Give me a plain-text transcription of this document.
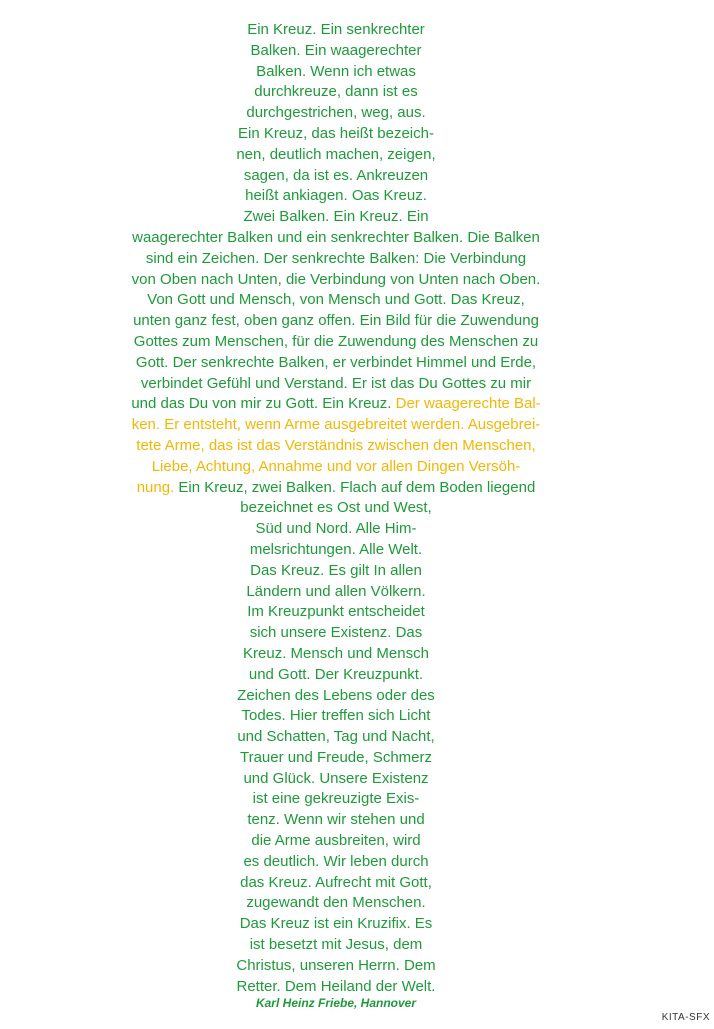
Ein Kreuz. Ein senkrechter
Balken. Ein waagerechter
Balken. Wenn ich etwas
durchkreuze, dann ist es
durchgestrichen, weg, aus.
Ein Kreuz, das heißt bezeich-
nen, deutlich machen, zeigen,
sagen, da ist es. Ankreuzen
heißt ankiagen. Oas Kreuz.
Zwei Balken. Ein Kreuz. Ein
waagerechter Balken und ein senkrechter Balken. Die Balken
sind ein Zeichen. Der senkrechte Balken: Die Verbindung
von Oben nach Unten, die Verbindung von Unten nach Oben.
Von Gott und Mensch, von Mensch und Gott. Das Kreuz,
unten ganz fest, oben ganz offen. Ein Bild für die Zuwendung
Gottes zum Menschen, für die Zuwendung des Menschen zu
Gott. Der senkrechte Balken, er verbindet Himmel und Erde,
verbindet Gefühl und Verstand. Er ist das Du Gottes zu mir
und das Du von mir zu Gott. Ein Kreuz. Der waagerechte Bal-
ken. Er entsteht, wenn Arme ausgebreitet werden. Ausgebrei-
tete Arme, das ist das Verständnis zwischen den Menschen,
Liebe, Achtung, Annahme und vor allen Dingen Versöh-
nung. Ein Kreuz, zwei Balken. Flach auf dem Boden liegend
bezeichnet es Ost und West,
Süd und Nord. Alle Him-
melsrichtungen. Alle Welt.
Das Kreuz. Es gilt In allen
Ländern und allen Völkern.
Im Kreuzpunkt entscheidet
sich unsere Existenz. Das
Kreuz. Mensch und Mensch
und Gott. Der Kreuzpunkt.
Zeichen des Lebens oder des
Todes. Hier treffen sich Licht
und Schatten, Tag und Nacht,
Trauer und Freude, Schmerz
und Glück. Unsere Existenz
ist eine gekreuzigte Exis-
tenz. Wenn wir stehen und
die Arme ausbreiten, wird
es deutlich. Wir leben durch
das Kreuz. Aufrecht mit Gott,
zugewandt den Menschen.
Das Kreuz ist ein Kruzifix. Es
ist besetzt mit Jesus, dem
Christus, unseren Herrn. Dem
Retter. Dem Heiland der Welt.
Karl Heinz Friebe, Hannover
KITA-SFX
